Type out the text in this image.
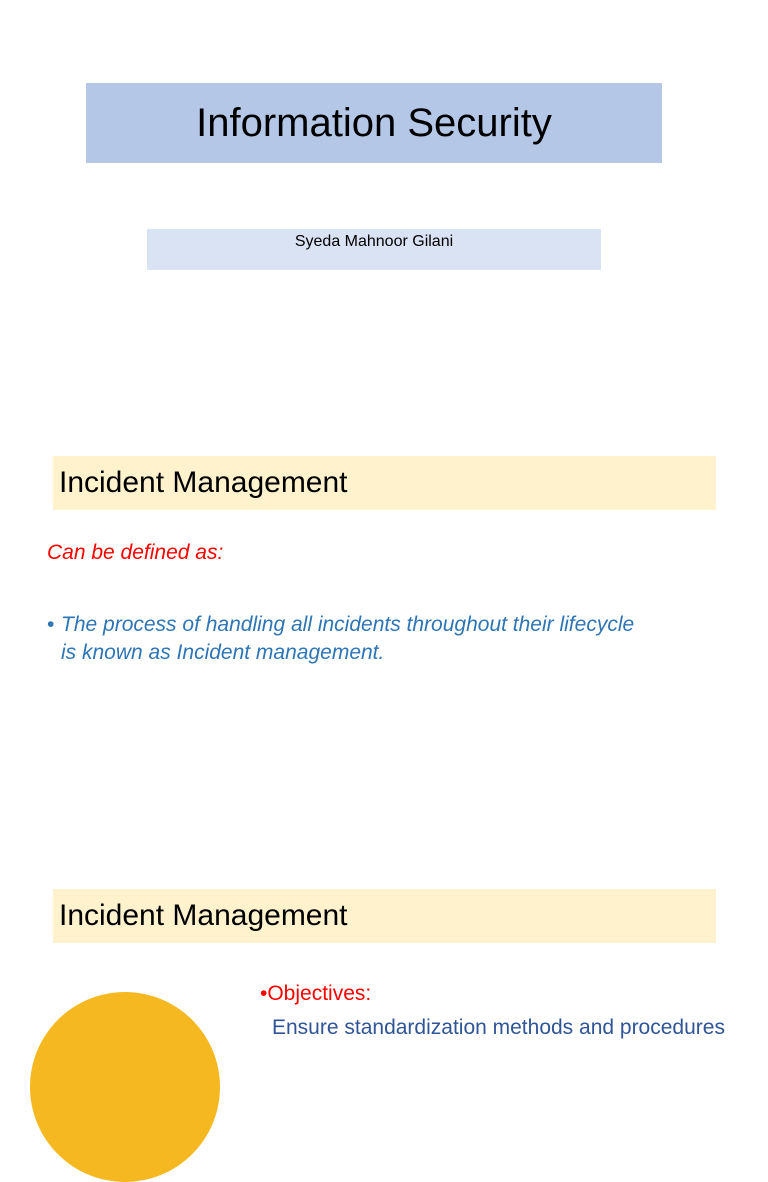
Information Security
Syeda Mahnoor Gilani
Incident Management
Can be defined as:
• The process of handling all incidents throughout their lifecycle is known as Incident management.
Incident Management
•Objectives:
Ensure standardization methods and procedures
